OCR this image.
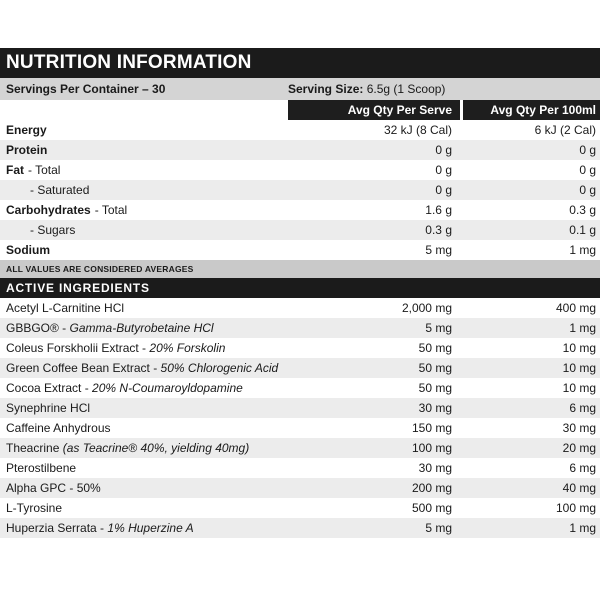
NUTRITION INFORMATION
Servings Per Container – 30	Serving Size: 6.5g (1 Scoop)
Avg Qty Per Serve	Avg Qty Per 100ml
Energy	32 kJ (8 Cal)	6 kJ (2 Cal)
Protein	0 g	0 g
Fat - Total	0 g	0 g
- Saturated	0 g	0 g
Carbohydrates - Total	1.6 g	0.3 g
- Sugars	0.3 g	0.1 g
Sodium	5 mg	1 mg
ALL VALUES ARE CONSIDERED AVERAGES
ACTIVE INGREDIENTS
Acetyl L-Carnitine HCl	2,000 mg	400 mg
GBBGO® - Gamma-Butyrobetaine HCl	5 mg	1 mg
Coleus Forskholii Extract - 20% Forskolin	50 mg	10 mg
Green Coffee Bean Extract - 50% Chlorogenic Acid	50 mg	10 mg
Cocoa Extract - 20% N-Coumaroyldopamine	50 mg	10 mg
Synephrine HCl	30 mg	6 mg
Caffeine Anhydrous	150 mg	30 mg
Theacrine (as Teacrine® 40%, yielding 40mg)	100 mg	20 mg
Pterostilbene	30 mg	6 mg
Alpha GPC - 50%	200 mg	40 mg
L-Tyrosine	500 mg	100 mg
Huperzia Serrata - 1% Huperzine A	5 mg	1 mg
